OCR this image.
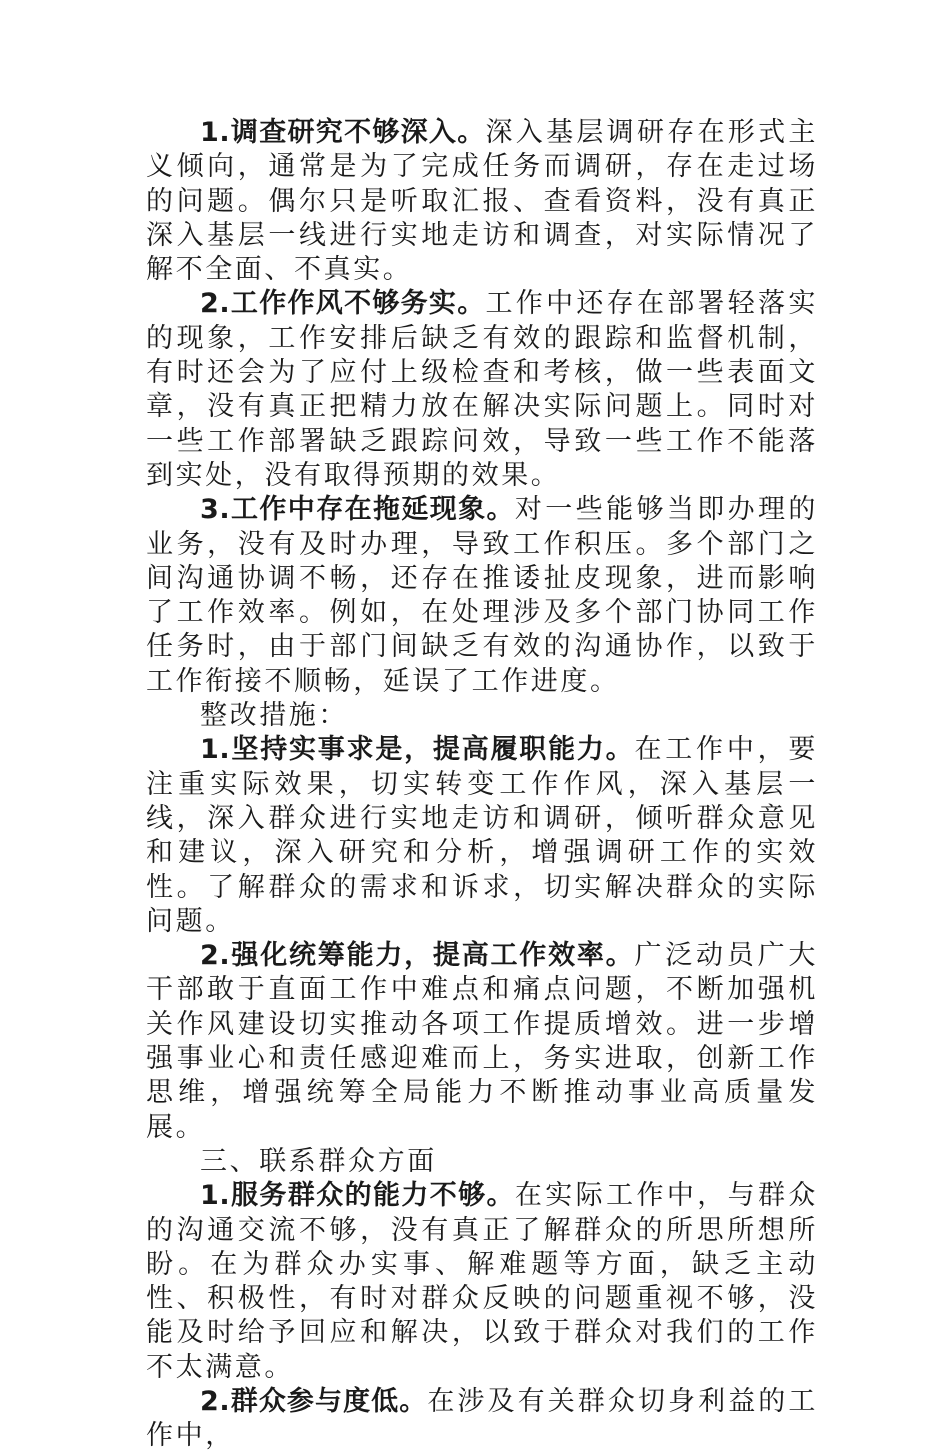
1.调查研究不够深入。深入基层调研存在形式主义倾向，通常是为了完成任务而调研，存在走过场的问题。偶尔只是听取汇报、查看资料，没有真正深入基层一线进行实地走访和调查，对实际情况了解不全面、不真实。

2.工作作风不够务实。工作中还存在部署轻落实的现象，工作安排后缺乏有效的跟踪和监督机制，有时还会为了应付上级检查和考核，做一些表面文章，没有真正把精力放在解决实际问题上。同时对一些工作部署缺乏跟踪问效，导致一些工作不能落到实处，没有取得预期的效果。

3.工作中存在拖延现象。对一些能够当即办理的业务，没有及时办理，导致工作积压。多个部门之间沟通协调不畅，还存在推诿扯皮现象，进而影响了工作效率。例如，在处理涉及多个部门协同工作任务时，由于部门间缺乏有效的沟通协作，以致于工作衔接不顺畅，延误了工作进度。

整改措施：

1.坚持实事求是，提高履职能力。在工作中，要注重实际效果，切实转变工作作风，深入基层一线，深入群众进行实地走访和调研，倾听群众意见和建议，深入研究和分析，增强调研工作的实效性。了解群众的需求和诉求，切实解决群众的实际问题。

2.强化统筹能力，提高工作效率。广泛动员广大干部敢于直面工作中难点和痛点问题，不断加强机关作风建设切实推动各项工作提质增效。进一步增强事业心和责任感迎难而上，务实进取，创新工作思维，增强统筹全局能力不断推动事业高质量发展。

三、联系群众方面

1.服务群众的能力不够。在实际工作中，与群众的沟通交流不够，没有真正了解群众的所思所想所盼。在为群众办实事、解难题等方面，缺乏主动性、积极性，有时对群众反映的问题重视不够，没能及时给予回应和解决，以致于群众对我们的工作不太满意。

2.群众参与度低。在涉及有关群众切身利益的工作中，
